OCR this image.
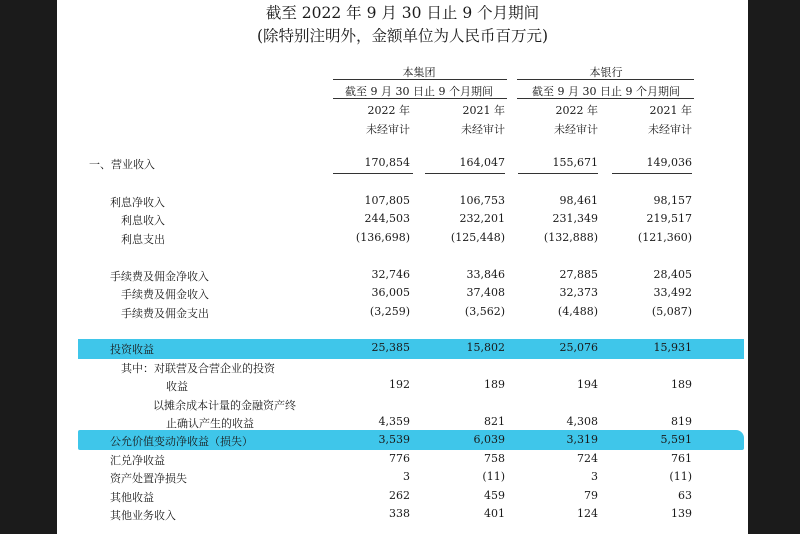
截至 2022 年 9 月 30 日止 9 个月期间
(除特别注明外，金额单位为人民币百万元)
本集团	本银行
截至 9 月 30 日止 9 个月期间	截至 9 月 30 日止 9 个月期间
2022 年	2021 年	2022 年	2021 年
未经审计	未经审计	未经审计	未经审计
一、营业收入	170,854	164,047	155,671	149,036
利息净收入	107,805	106,753	98,461	98,157
利息收入	244,503	232,201	231,349	219,517
利息支出	(136,698)	(125,448)	(132,888)	(121,360)
手续费及佣金净收入	32,746	33,846	27,885	28,405
手续费及佣金收入	36,005	37,408	32,373	33,492
手续费及佣金支出	(3,259)	(3,562)	(4,488)	(5,087)
投资收益	25,385	15,802	25,076	15,931
其中：对联营及合营企业的投资
收益	192	189	194	189
以摊余成本计量的金融资产终
止确认产生的收益	4,359	821	4,308	819
公允价值变动净收益（损失）	3,539	6,039	3,319	5,591
汇兑净收益	776	758	724	761
资产处置净损失	3	(11)	3	(11)
其他收益	262	459	79	63
其他业务收入	338	401	124	139
